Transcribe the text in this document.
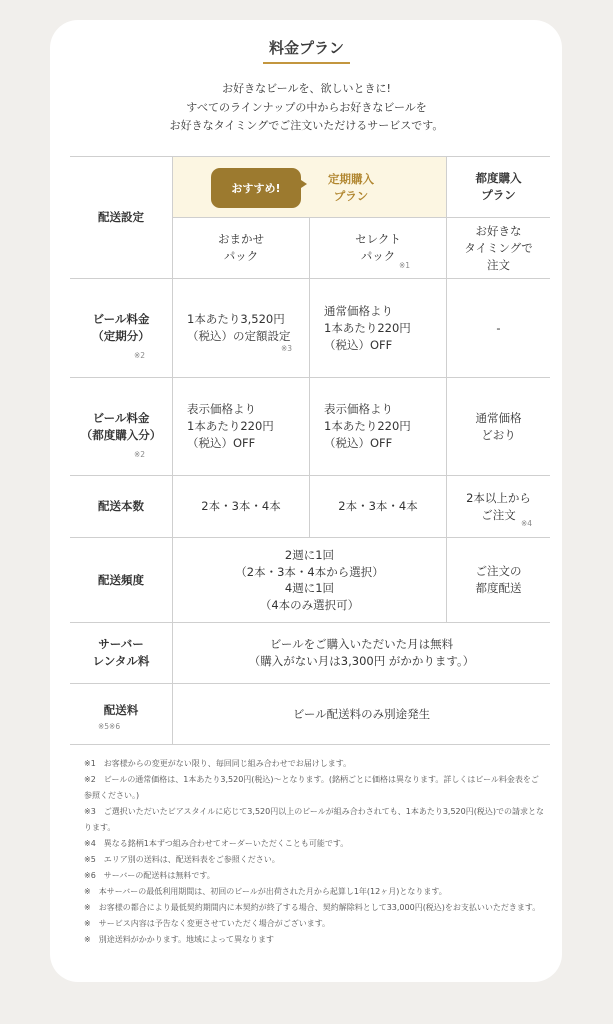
料金プラン
お好きなビールを、欲しいときに!
すべてのラインナップの中からお好きなビールを
お好きなタイミングでご注文いただけるサービスです。
配送設定
おすすめ!
定期購入
プラン
都度購入
プラン
おまかせ
パック
セレクト
パック
※1
お好きな
タイミングで
注文
ビール料金
（定期分）
※2
1本あたり3,520円
（税込）の定額設定
※3
通常価格より
1本あたり220円
（税込）OFF
-
ビール料金
（都度購入分）
※2
表示価格より
1本あたり220円
（税込）OFF
表示価格より
1本あたり220円
（税込）OFF
通常価格
どおり
配送本数	2本・3本・4本	2本・3本・4本
2本以上から
ご注文
※4
配送頻度
2週に1回
（2本・3本・4本から選択）
4週に1回
（4本のみ選択可）
ご注文の
都度配送
サーバー
レンタル料
ビールをご購入いただいた月は無料
（購入がない月は3,300円 がかかります。）
配送料
※5※6
ビール配送料のみ別途発生
※1　お客様からの変更がない限り、毎回同じ組み合わせでお届けします。
※2　ビールの通常価格は、1本あたり3,520円(税込)～となります。(銘柄ごとに価格は異なります。詳しくはビール料金表をご参照ください。)
※3　ご選択いただいたビアスタイルに応じて3,520円以上のビールが組み合わされても、1本あたり3,520円(税込)での請求となります。
※4　異なる銘柄1本ずつ組み合わせてオーダーいただくことも可能です。
※5　エリア別の送料は、配送料表をご参照ください。
※6　サーバーの配送料は無料です。
※　本サーバーの最低利用期間は、初回のビールが出荷された月から起算し1年(12ヶ月)となります。
※　お客様の都合により最低契約期間内に本契約が終了する場合、契約解除料として33,000円(税込)をお支払いいただきます。
※　サービス内容は予告なく変更させていただく場合がございます。
※　別途送料がかかります。地域によって異なります
